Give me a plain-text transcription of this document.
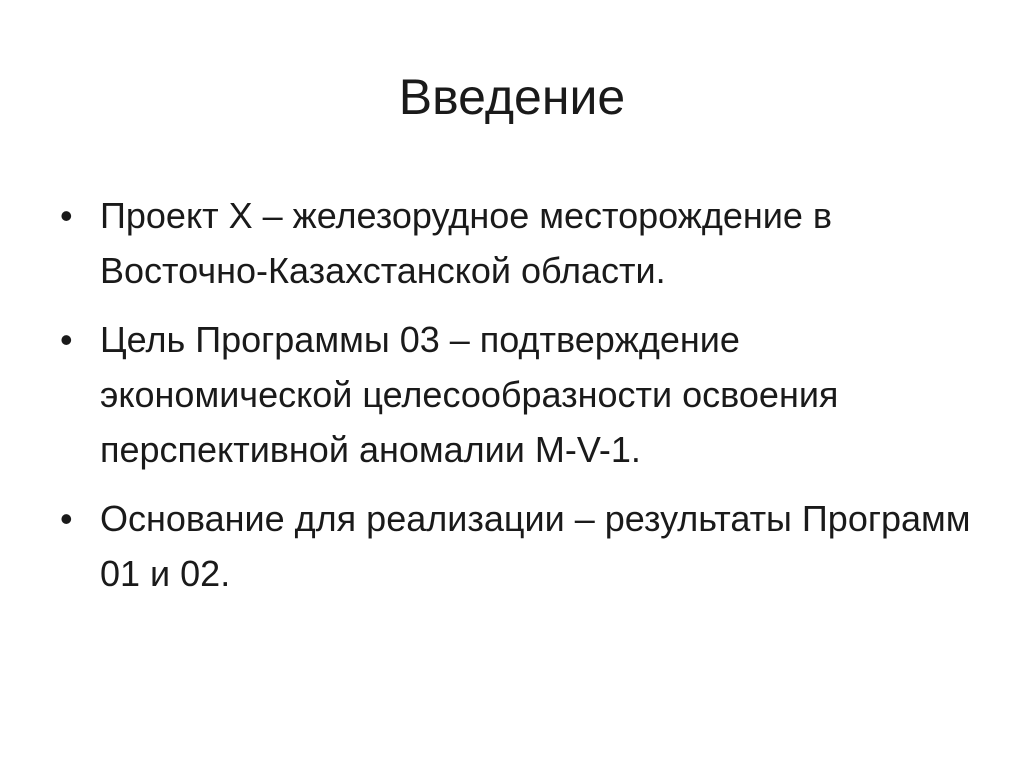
Введение
• Проект X – железорудное месторождение в Восточно-Казахстанской области.
• Цель Программы 03 – подтверждение экономической целесообразности освоения перспективной аномалии M-V-1.
• Основание для реализации – результаты Программ 01 и 02.
